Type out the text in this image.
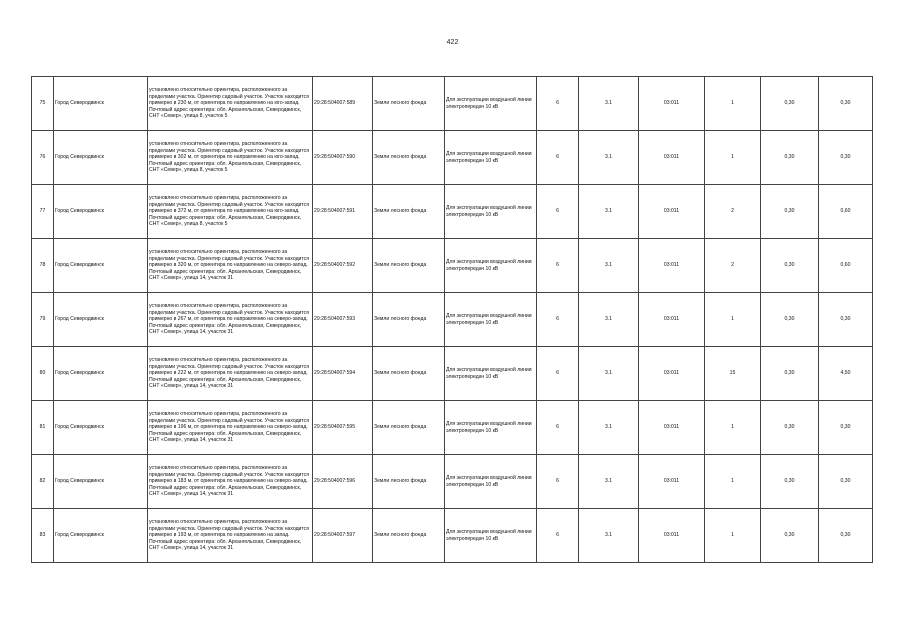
422
75	Город Северодвинск	установлено относительно ориентира, расположенного за пределами участка. Ориентир садовый участок. Участок находится примерно в 230 м, от ориентира по направлению на юго-запад. Почтовый адрес ориентира: обл. Архангельская, Северодвинск, СНТ «Север», улица 8, участок 5	29:28:504007:589	Земли лесного фонда	Для эксплуатации воздушной линии электропередач 10 кВ	6	3.1	03:011	1	0,30	0,30
76	Город Северодвинск	установлено относительно ориентира, расположенного за пределами участка. Ориентир садовый участок. Участок находится примерно в 302 м, от ориентира по направлению на юго-запад. Почтовый адрес ориентира: обл. Архангельская, Северодвинск, СНТ «Север», улица 8, участок 5	29:28:504007:590	Земли лесного фонда	Для эксплуатации воздушной линии электропередач 10 кВ	6	3.1	03:011	1	0,30	0,30
77	Город Северодвинск	установлено относительно ориентира, расположенного за пределами участка. Ориентир садовый участок. Участок находится примерно в 372 м, от ориентира по направлению на юго-запад. Почтовый адрес ориентира: обл. Архангельская, Северодвинск, СНТ «Север», улица 8, участок 5	29:28:504007:591	Земли лесного фонда	Для эксплуатации воздушной линии электропередач 10 кВ	6	3.1	03:011	2	0,30	0,60
78	Город Северодвинск	установлено относительно ориентира, расположенного за пределами участка. Ориентир садовый участок. Участок находится примерно в 320 м, от ориентира по направлению на северо-запад. Почтовый адрес ориентира: обл. Архангельская, Северодвинск, СНТ «Север», улица 14, участок 31	29:28:504007:592	Земли лесного фонда	Для эксплуатации воздушной линии электропередач 10 кВ	6	3.1	03:011	2	0,30	0,60
79	Город Северодвинск	установлено относительно ориентира, расположенного за пределами участка. Ориентир садовый участок. Участок находится примерно в 267 м, от ориентира по направлению на северо-запад. Почтовый адрес ориентира: обл. Архангельская, Северодвинск, СНТ «Север», улица 14, участок 31	29:28:504007:593	Земли лесного фонда	Для эксплуатации воздушной линии электропередач 10 кВ	6	3.1	03:011	1	0,30	0,30
80	Город Северодвинск	установлено относительно ориентира, расположенного за пределами участка. Ориентир садовый участок. Участок находится примерно в 222 м, от ориентира по направлению на северо-запад. Почтовый адрес ориентира: обл. Архангельская, Северодвинск, СНТ «Север», улица 14, участок 31	29:28:504007:594	Земли лесного фонда	Для эксплуатации воздушной линии электропередач 10 кВ	6	3.1	03:011	15	0,30	4,50
81	Город Северодвинск	установлено относительно ориентира, расположенного за пределами участка. Ориентир садовый участок. Участок находится примерно в 196 м, от ориентира по направлению на северо-запад. Почтовый адрес ориентира: обл. Архангельская, Северодвинск, СНТ «Север», улица 14, участок 31	29:28:504007:595	Земли лесного фонда	Для эксплуатации воздушной линии электропередач 10 кВ	6	3.1	03:011	1	0,30	0,30
82	Город Северодвинск	установлено относительно ориентира, расположенного за пределами участка. Ориентир садовый участок. Участок находится примерно в 183 м, от ориентира по направлению на северо-запад. Почтовый адрес ориентира: обл. Архангельская, Северодвинск, СНТ «Север», улица 14, участок 31	29:28:504007:596	Земли лесного фонда	Для эксплуатации воздушной линии электропередач 10 кВ	6	3.1	03:011	1	0,30	0,30
83	Город Северодвинск	установлено относительно ориентира, расположенного за пределами участка. Ориентир садовый участок. Участок находится примерно в 193 м, от ориентира по направлению на запад. Почтовый адрес ориентира: обл. Архангельская, Северодвинск, СНТ «Север», улица 14, участок 31	29:28:504007:597	Земли лесного фонда	Для эксплуатации воздушной линии электропередач 10 кВ	6	3.1	03:011	1	0,30	0,30
